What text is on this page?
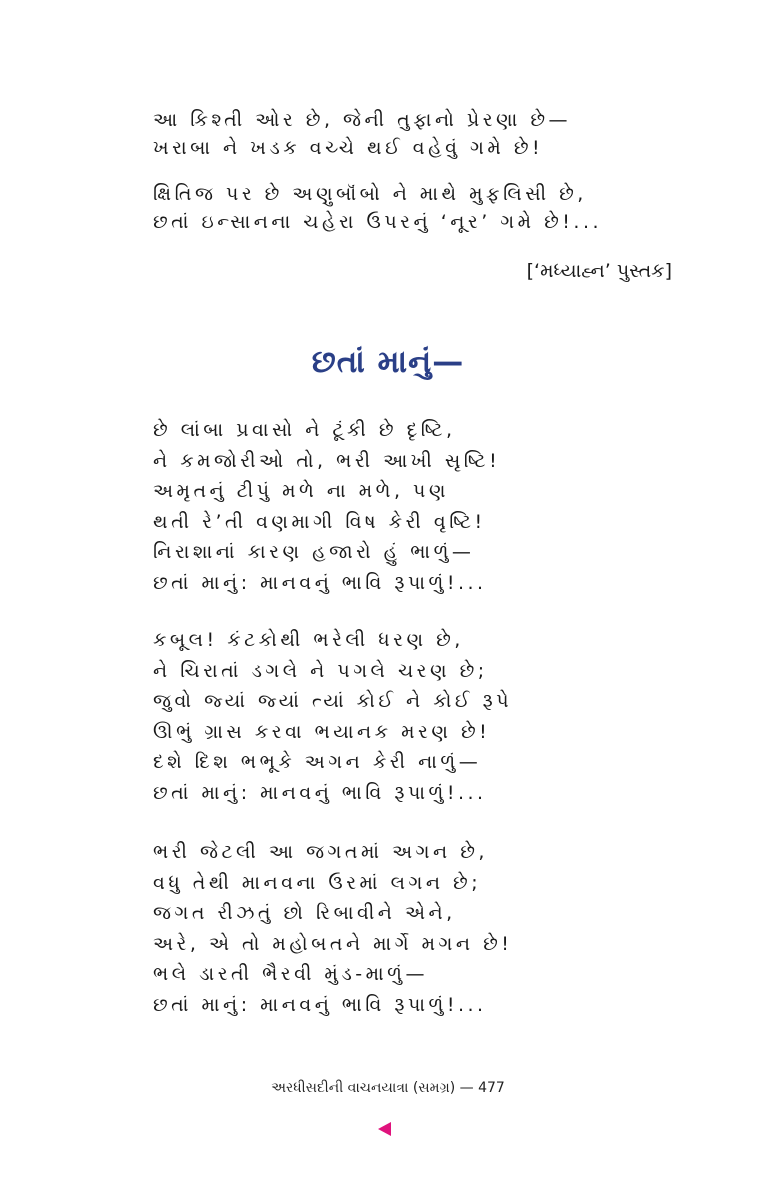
આ કિશ્તી ઓર છે, જેની તુફાનો પ્રેરણા છે—
ખરાબા ને ખડક વચ્ચે થઈ વહેવું ગમે છે!
ક્ષિતિજ પર છે અણુબૉંબો ને માથે મુફલિસી છે,
છતાં ઇન્સાનના ચહેરા ઉપરનું ‘નૂર’ ગમે છે!...
[‘મધ્યાહ્ન’ પુસ્તક]
છતાં માનું—
છે લાંબા પ્રવાસો ને ટૂંકી છે દૃષ્ટિ,
ને કમજોરીઓ તો, ભરી આખી સૃષ્ટિ!
અમૃતનું ટીપું મળે ના મળે, પણ
થતી રે’તી વણમાગી વિષ કેરી વૃષ્ટિ!
નિરાશાનાં કારણ હજારો હું ભાળું—
છતાં માનું: માનવનું ભાવિ રૂપાળું!...
કબૂલ! કંટકોથી ભરેલી ધરણ છે,
ને ચિરાતાં ડગલે ને પગલે ચરણ છે;
જુવો જ્યાં જ્યાં ત્યાં કોઈ ને કોઈ રૂપે
ઊભું ગ્રાસ કરવા ભયાનક મરણ છે!
દશે દિશ ભભૂકે અગન કેરી નાળું—
છતાં માનું: માનવનું ભાવિ રૂપાળું!...
ભરી જેટલી આ જગતમાં અગન છે,
વધુ તેથી માનવના ઉરમાં લગન છે;
જગત રીઝતું છો રિબાવીને એને,
અરે, એ તો મહોબતને માર્ગે મગન છે!
ભલે ડારતી ભૈરવી મુંડ-માળું—
છતાં માનું: માનવનું ભાવિ રૂપાળું!...
અરધીસદીની વાચનયાત્રા (સમગ્ર) — 477
